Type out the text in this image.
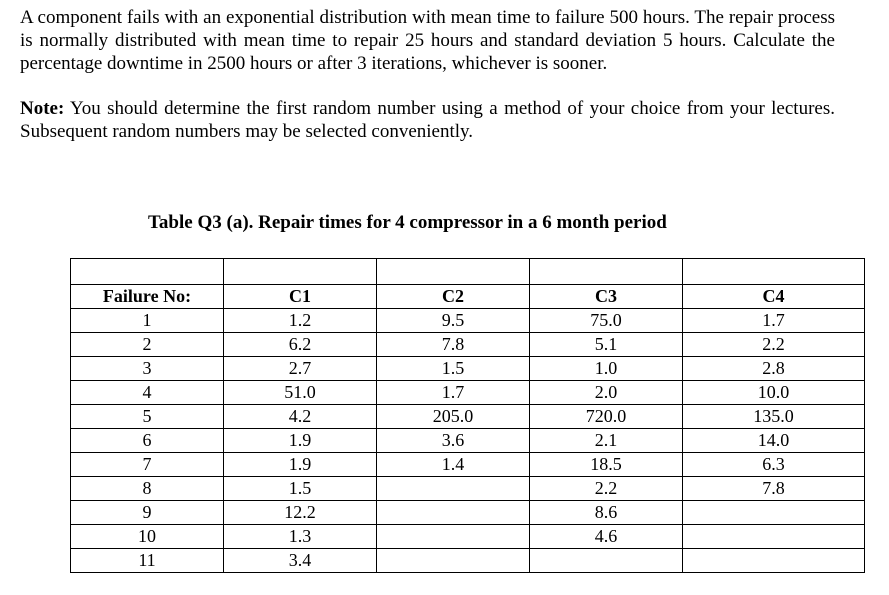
A component fails with an exponential distribution with mean time to failure 500 hours. The repair process is normally distributed with mean time to repair 25 hours and standard deviation 5 hours. Calculate the percentage downtime in 2500 hours or after 3 iterations, whichever is sooner.

Note: You should determine the first random number using a method of your choice from your lectures. Subsequent random numbers may be selected conveniently.

Table Q3 (a). Repair times for 4 compressor in a 6 month period

Failure No:	C1	C2	C3	C4
1	1.2	9.5	75.0	1.7
2	6.2	7.8	5.1	2.2
3	2.7	1.5	1.0	2.8
4	51.0	1.7	2.0	10.0
5	4.2	205.0	720.0	135.0
6	1.9	3.6	2.1	14.0
7	1.9	1.4	18.5	6.3
8	1.5		2.2	7.8
9	12.2		8.6	
10	1.3		4.6	
11	3.4			
